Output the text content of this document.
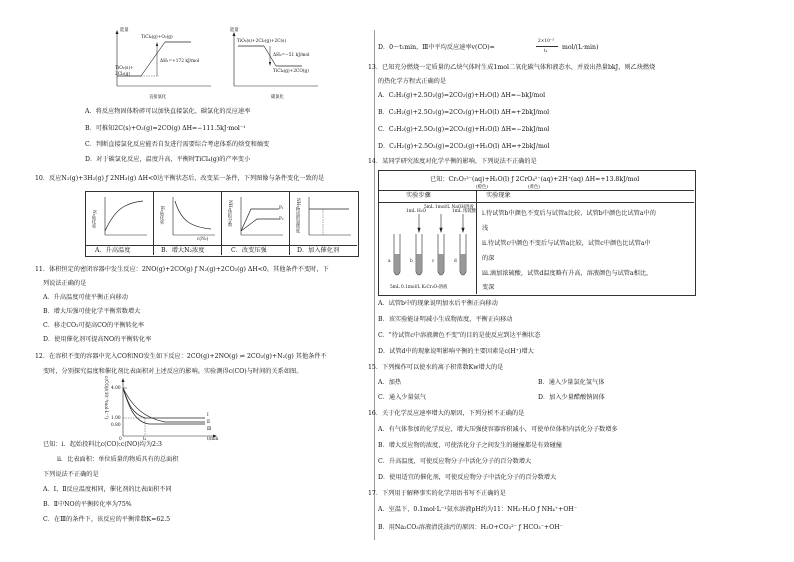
能量
TiCl₄(g)+O₂(g)
TiO₂(s)+
2Cl₂(g)
ΔH₁=+172 kJ/mol
直接氯化
能量
TiO₂(s)+2Cl₂(g)+2C(s)
ΔH₂=−51 kJ/mol
TiCl₄(g)+2CO(g)
碳氯化
A．将反应物固体粉碎可以加快直接氯化、碳氯化的反应速率
B．可推知2C(s)+O₂(g)=2CO(g) ΔH=−111.5kJ·mol⁻¹
C．判断直接氯化反应能否自发进行需要综合考虑体系的焓变和熵变
D．对于碳氯化反应，温度升高，平衡时TiCl₄(g)的产率变小
10．反应N₂(g)+3H₂(g) ƒ 2NH₃(g) ΔH<0达平衡状态后，改变某一条件，下列图像与条件变化一致的是
N₂转化率	H₂转化率
c(N₂)
NH₃体积分数	P₁
P₂	NH₃物质的量浓度
A．升高温度	B．增大N₂浓度	C．改变压强	D．加入催化剂
11．体积恒定的密闭容器中发生反应：2NO(g)+2CO(g) ƒ N₂(g)+2CO₂(g) ΔH<0，其他条件不变时，下
列说法正确的是
A．升高温度可使平衡正向移动
B．增大压强可使化学平衡常数增大
C．移走CO₂可提高CO的平衡转化率
D．使用催化剂可提高NO的平衡转化率
12．在容积不变的容器中充入CO和NO发生如下反应：2CO(g)+2NO(g) ⇌ 2CO₂(g)+N₂(g) 其他条件不
变时，分别探究温度和催化剂比表面积对上述反应的影响。实验测得c(CO)与时间的关系如图。
c(CO)/(10⁻³mol·L⁻¹) 4.00
1.00
0.80
0	t₁	t/min
Ⅰ
Ⅱ
Ⅲ
已知：ⅰ．起始投料比c(CO):c(NO)均为2:3
ⅱ．比表面积：单位质量的物质具有的总面积
下列说法不正确的是
A．Ⅰ、Ⅱ反应温度相同，催化剂的比表面积不同
B．Ⅱ中NO的平衡转化率为75%
C．在Ⅲ的条件下，该反应的平衡常数K=62.5
D．0～t₁min，Ⅲ中平均反应速率v(CO)=
2×10⁻³
t₁
mol/(L·min)
13．已知充分燃烧一定质量的乙炔气体时生成1mol二氧化碳气体和液态水，并放出热量bkJ，则乙炔燃烧
的热化学方程式正确的是
A．C₂H₂(g)+2.5O₂(g)=2CO₂(g)+H₂O(l) ΔH=−bkJ/mol
B．C₂H₂(g)+2.5O₂(g)=2CO₂(g)+H₂O(l) ΔH=+2bkJ/mol
C．C₂H₂(g)+2.5O₂(g)=2CO₂(g)+H₂O(l) ΔH=−2bkJ/mol
D．C₂H₂(g)+2.5O₂(g)=2CO₂(g)+H₂O(l) ΔH=+2bkJ/mol
14．某同学研究浓度对化学平衡的影响，下列说法不正确的是
已知：Cr₂O₇²⁻(aq)+H₂O(l) ƒ 2CrO₄²⁻(aq)+2H⁺(aq) ΔH=+13.8kJ/mol
(橙色)	(黄色)
实验步骤	实验现象
1mL H₂O
5mL 1mol/L NaOH溶液
1mL 浓硫酸
a	b	c	d
5mL 0.1mol/L K₂Cr₂O₇溶液
ⅰ.待试管b中颜色不变后与试管a比较，试管b中颜色比试管a中的
浅
ⅱ.待试管c中颜色不变后与试管a比较，试管c中颜色比试管a中
的深
ⅲ.滴加浓硫酸，试管d温度略有升高，溶液颜色与试管a相比，
变深
A．试管b中的现象说明加水后平衡正向移动
B．该实验能证明减小生成物浓度，平衡正向移动
C．"待试管c中溶液颜色不变"的目的是使反应到达平衡状态
D．试管d中的现象说明影响平衡的主要因素是c(H⁺)增大
15．下列操作可以使水的离子积常数Kw增大的是
A．加热	B．通入少量氯化氢气体
C．通入少量氨气	D．加入少量醋酸钠固体
16．关于化学反应速率增大的原因，下列分析不正确的是
A．有气体参加的化学反应，增大压强使容器容积减小，可使单位体积内活化分子数增多
B．增大反应物的浓度，可使活化分子之间发生的碰撞都是有效碰撞
C．升高温度，可使反应物分子中活化分子的百分数增大
D．使用适宜的催化剂，可使反应物分子中活化分子的百分数增大
17．下列用于解释事实的化学用语书写不正确的是
A．室温下，0.1mol·L⁻¹氨水溶液pH约为11：NH₃·H₂O ƒ NH₄⁺+OH⁻
B．用Na₂CO₃溶液清洗油污的原因：H₂O+CO₃²⁻ ƒ HCO₃⁻+OH⁻
